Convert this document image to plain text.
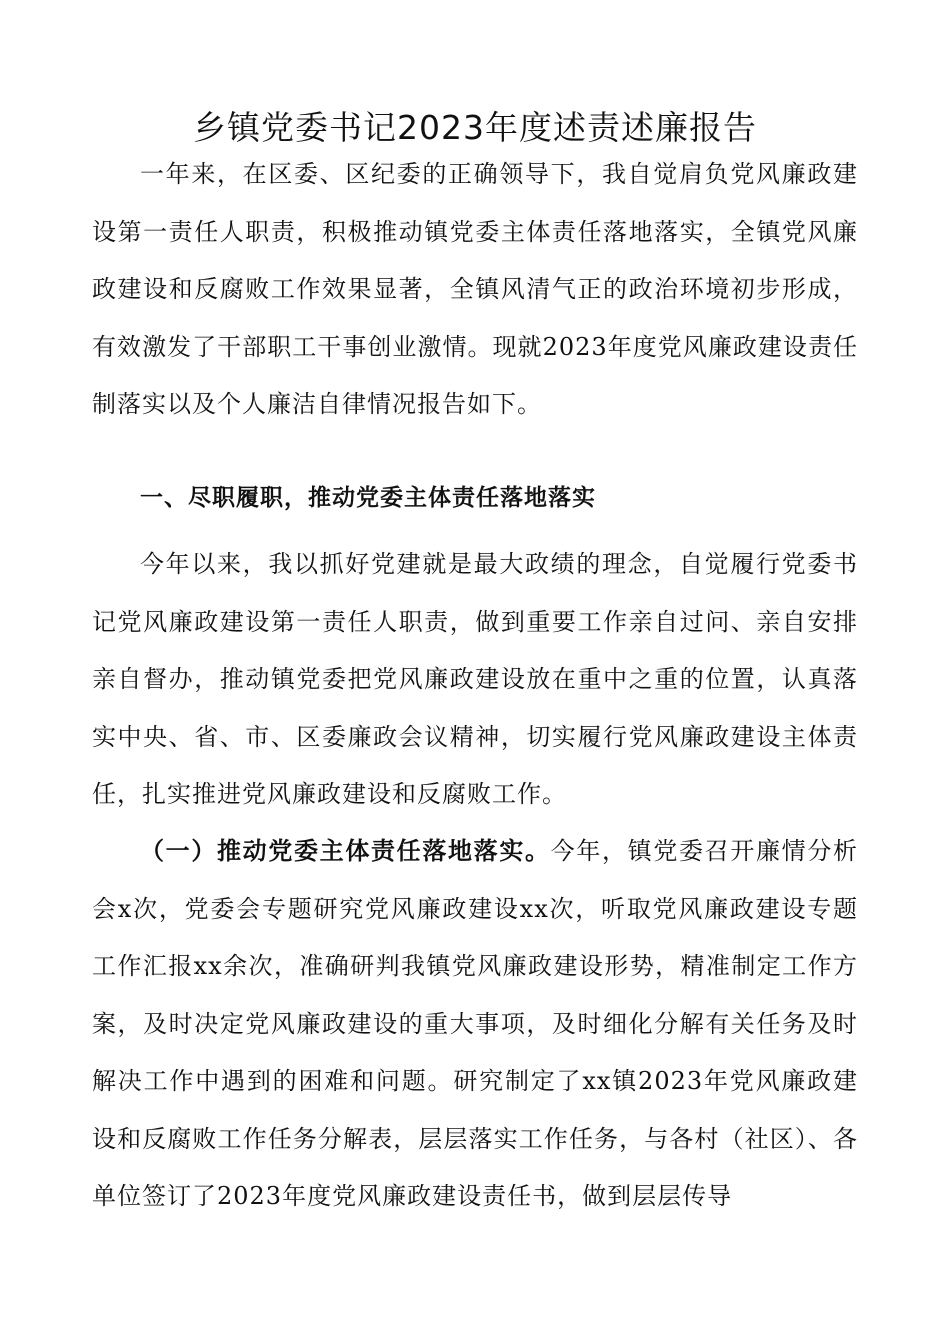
乡镇党委书记2023年度述责述廉报告

一年来，在区委、区纪委的正确领导下，我自觉肩负党风廉政建设第一责任人职责，积极推动镇党委主体责任落地落实，全镇党风廉政建设和反腐败工作效果显著，全镇风清气正的政治环境初步形成，有效激发了干部职工干事创业激情。现就2023年度党风廉政建设责任制落实以及个人廉洁自律情况报告如下。

一、尽职履职，推动党委主体责任落地落实

今年以来，我以抓好党建就是最大政绩的理念，自觉履行党委书记党风廉政建设第一责任人职责，做到重要工作亲自过问、亲自安排亲自督办，推动镇党委把党风廉政建设放在重中之重的位置，认真落实中央、省、市、区委廉政会议精神，切实履行党风廉政建设主体责任，扎实推进党风廉政建设和反腐败工作。

（一）推动党委主体责任落地落实。今年，镇党委召开廉情分析会x次，党委会专题研究党风廉政建设xx次，听取党风廉政建设专题工作汇报xx余次，准确研判我镇党风廉政建设形势，精准制定工作方案，及时决定党风廉政建设的重大事项，及时细化分解有关任务及时解决工作中遇到的困难和问题。研究制定了xx镇2023年党风廉政建设和反腐败工作任务分解表，层层落实工作任务，与各村（社区）、各单位签订了2023年度党风廉政建设责任书，做到层层传导
